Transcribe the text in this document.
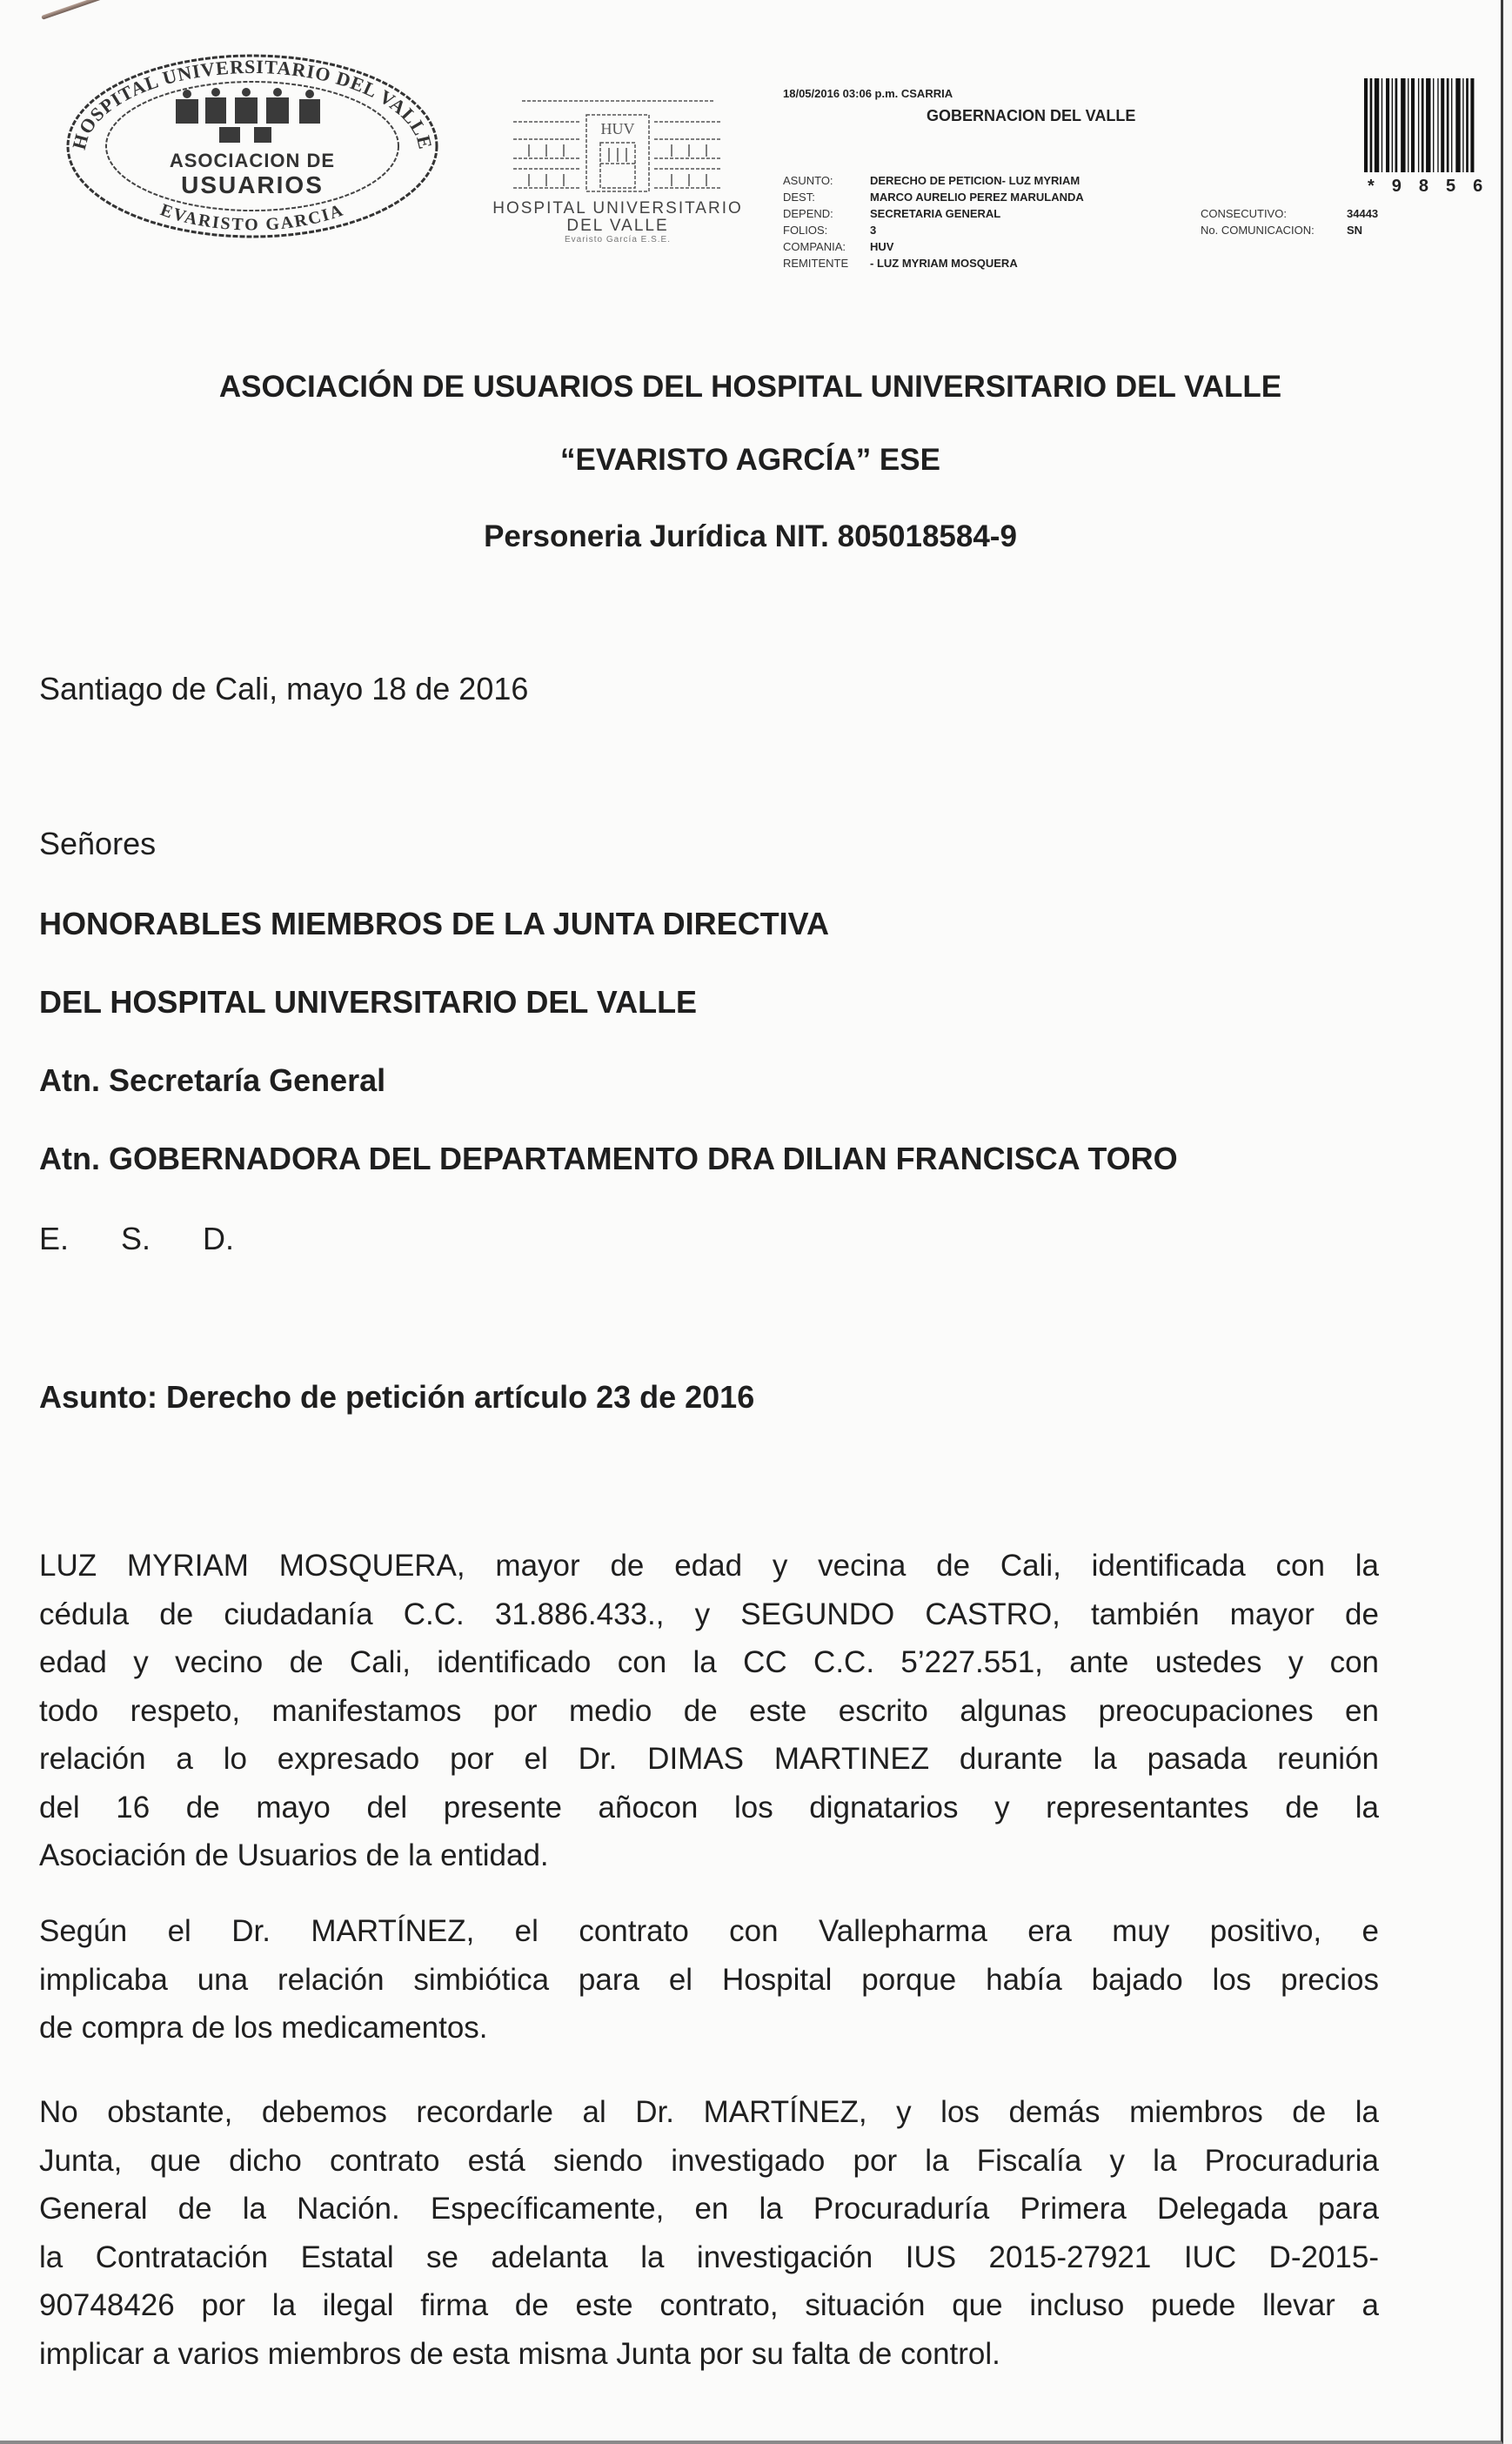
HOSPITAL UNIVERSITARIO DEL VALLE
EVARISTO GARCIA
ASOCIACION DE
USUARIOS
HUV
HOSPITAL UNIVERSITARIO
DEL VALLE
Evaristo García E.S.E.
18/05/2016 03:06 p.m. CSARRIA
GOBERNACION DEL VALLE
ASUNTO:	DERECHO DE PETICION- LUZ MYRIAM
DEST:	MARCO AURELIO PEREZ MARULANDA
DEPEND:	SECRETARIA GENERAL
FOLIOS:	3
COMPANIA:	HUV
REMITENTE	- LUZ MYRIAM MOSQUERA
CONSECUTIVO:	34443
No. COMUNICACION:	SN
*9856
ASOCIACIÓN DE USUARIOS DEL HOSPITAL UNIVERSITARIO DEL VALLE
“EVARISTO AGRCÍA” ESE
Personeria Jurídica NIT. 805018584-9
Santiago de Cali, mayo 18 de 2016
Señores
HONORABLES MIEMBROS DE LA JUNTA DIRECTIVA
DEL HOSPITAL UNIVERSITARIO DEL VALLE
Atn. Secretaría General
Atn. GOBERNADORA DEL DEPARTAMENTO DRA DILIAN FRANCISCA TORO
E. S. D.
Asunto: Derecho de petición artículo 23 de 2016
LUZ MYRIAM MOSQUERA, mayor de edad y vecina de Cali, identificada con la
cédula de ciudadanía C.C. 31.886.433., y SEGUNDO CASTRO, también mayor de
edad y vecino de Cali, identificado con la CC C.C. 5’227.551, ante ustedes y con
todo respeto, manifestamos por medio de este escrito algunas preocupaciones en
relación a lo expresado por el Dr. DIMAS MARTINEZ durante la pasada reunión
del 16 de mayo del presente añocon los dignatarios y representantes de la
Asociación de Usuarios de la entidad.
Según el Dr. MARTÍNEZ, el contrato con Vallepharma era muy positivo, e
implicaba una relación simbiótica para el Hospital porque había bajado los precios
de compra de los medicamentos.
No obstante, debemos recordarle al Dr. MARTÍNEZ, y los demás miembros de la
Junta, que dicho contrato está siendo investigado por la Fiscalía y la Procuraduria
General de la Nación. Específicamente, en la Procuraduría Primera Delegada para
la Contratación Estatal se adelanta la investigación IUS 2015-27921 IUC D-2015-
90748426 por la ilegal firma de este contrato, situación que incluso puede llevar a
implicar a varios miembros de esta misma Junta por su falta de control.
